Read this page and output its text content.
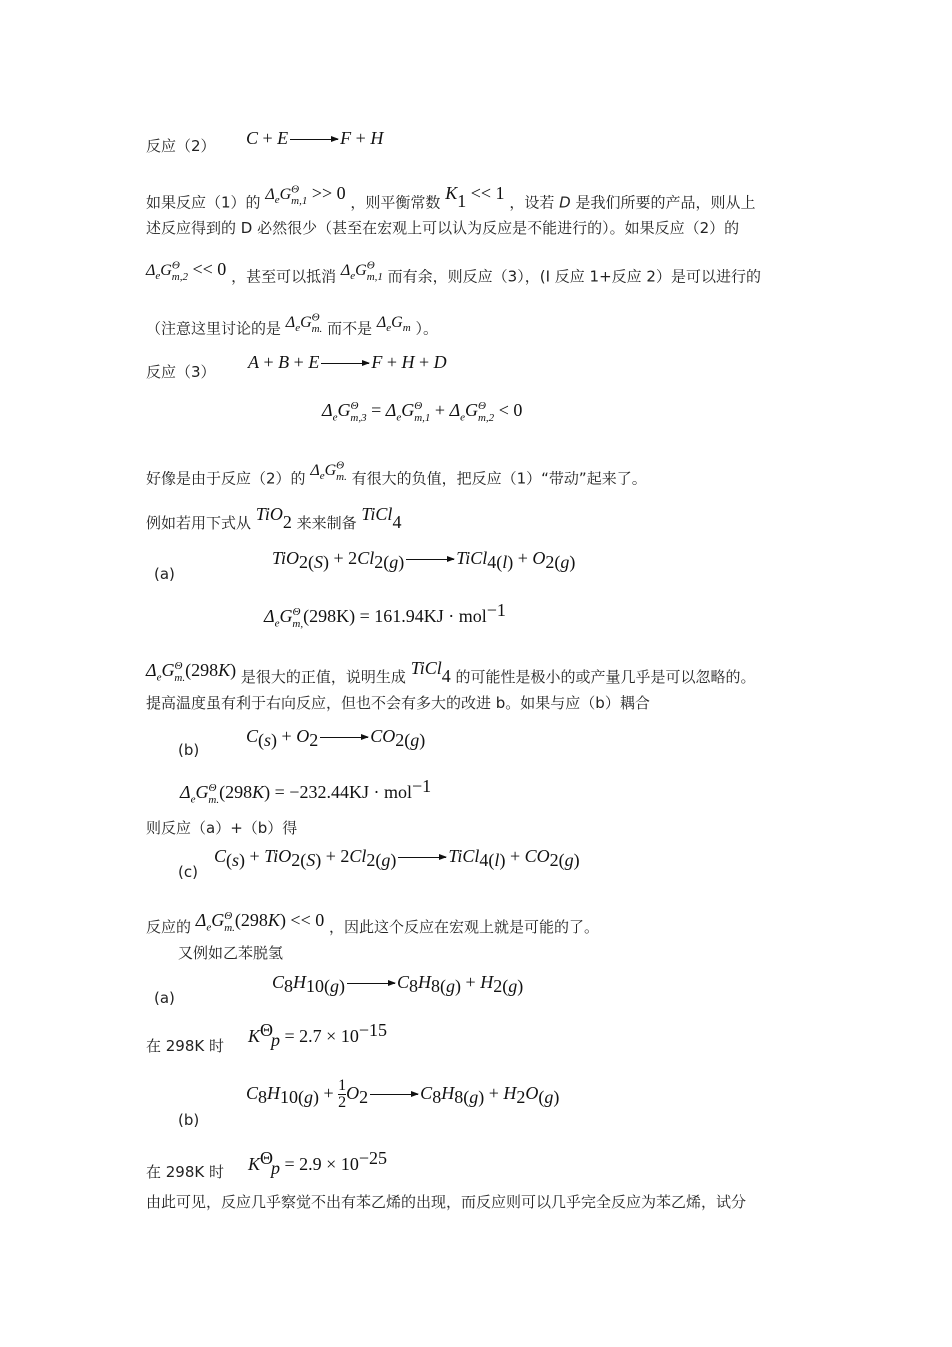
反应（2） C + E	F + H
如果反应（1）的 $\Delta_eG^\Theta_{m,1} >> 0$ ，则平衡常数 $K_1 << 1$ ，设若 D 是我们所要的产品，则从上
述反应得到的 D 必然很少（甚至在宏观上可以认为反应是不能进行的）。如果反应（2）的
$\Delta_eG^\Theta_{m,2} << 0$ ，甚至可以抵消 $\Delta_eG^\Theta_{m,1}$ 而有余，则反应（3），(I 反应 1+反应 2）是可以进行的
（注意这里讨论的是 $\Delta_eG^\Theta_{m.}$ 而不是 $\Delta_eG_m$ ）。
反应（3） A + B + E	F + H + D
$\Delta_eG^\Theta_{m,3} = \Delta_eG^\Theta_{m,1} + \Delta_eG^\Theta_{m,2} < 0$
好像是由于反应（2）的 $\Delta_eG^\Theta_{m.}$ 有很大的负值，把反应（1）“带动”起来了。
例如若用下式从 TiO$_2$ 来来制备 TiCl$_4$
(a)
$TiO_{2(S)} + 2Cl_{2(g)}$	TiCl$_{4(l)}$ + $O_{2(g)}$
$\Delta_eG^\Theta_{m,}(298K) = 161.94KJ \cdot mol^{-1}$
$\Delta_eG^\Theta_{m.}(298K)$ 是很大的正值，说明生成 TiCl$_4$ 的可能性是极小的或产量几乎是可以忽略的。
提高温度虽有利于右向反应，但也不会有多大的改进 b。如果与应（b）耦合
(b)
$C_{(s)} + O_2$	$CO_{2(g)}$
$\Delta_eG^\Theta_{m.}(298K) = -232.44KJ \cdot mol^{-1}$
则反应（a）+（b）得
(c)
$C_{(s)} + TiO_{2(S)} + 2Cl_{2(g)}$	TiCl$_{4(l)}$ + $CO_{2(g)}$
反应的 $\Delta_eG^\Theta_{m.}(298K) << 0$ ，因此这个反应在宏观上就是可能的了。
又例如乙苯脱氢
(a)
$C_8H_{10(g)}$	$C_8H_{8(g)} + H_{2(g)}$
在 298K 时 $K^\Theta_p = 2.7 \times 10^{-15}$
(b)
$C_8H_{10(g)} + \frac{1}{2} O_2$	$C_8H_{8(g)} + H_2O_{(g)}$
在 298K 时 $K^\Theta_p = 2.9 \times 10^{-25}$
由此可见，反应几乎察觉不出有苯乙烯的出现，而反应则可以几乎完全反应为苯乙烯，试分
